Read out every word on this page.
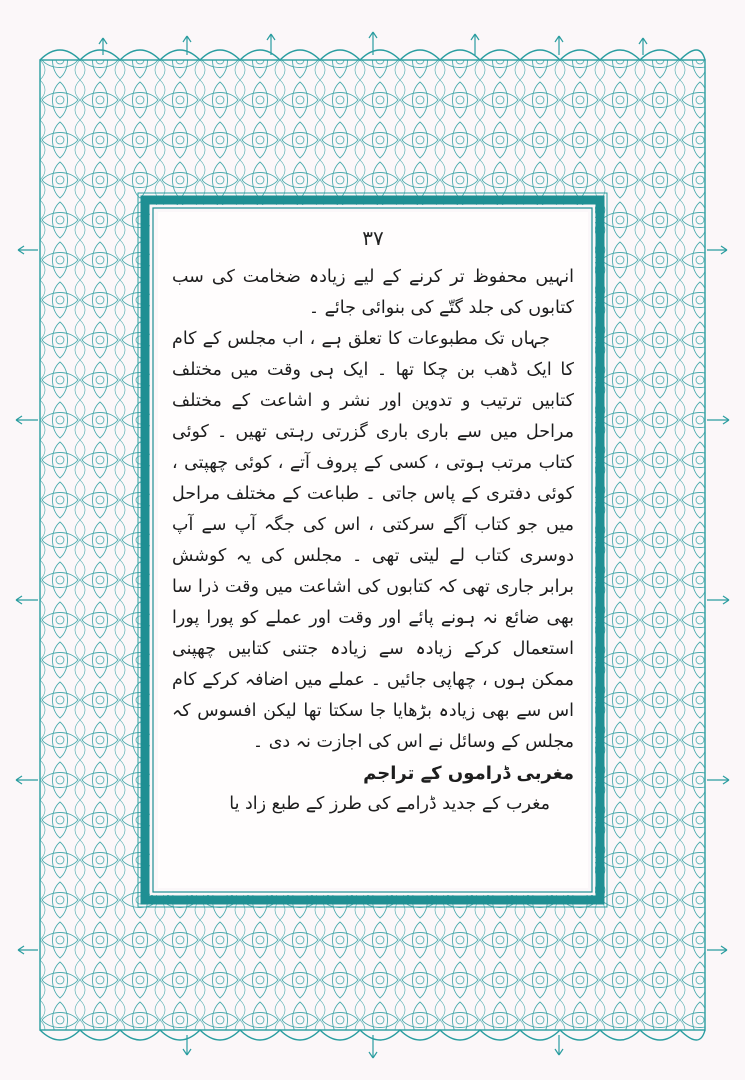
٣٧

انہیں محفوظ تر کرنے کے لیے زیادہ ضخامت کی سب کتابوں کی جلد گتّے کی بنوائی جائے ۔

جہاں تک مطبوعات کا تعلق ہے ، اب مجلس کے کام کا ایک ڈھب بن چکا تھا ۔ ایک ہی وقت میں مختلف کتابیں ترتیب و تدوین اور نشر و اشاعت کے مختلف مراحل میں سے باری باری گزرتی رہتی تھیں ۔ کوئی کتاب مرتب ہوتی ، کسی کے پروف آتے ، کوئی چھپتی ، کوئی دفتری کے پاس جاتی ۔ طباعت کے مختلف مراحل میں جو کتاب آگے سرکتی ، اس کی جگہ آپ سے آپ دوسری کتاب لے لیتی تھی ۔ مجلس کی یہ کوشش برابر جاری تھی کہ کتابوں کی اشاعت میں وقت ذرا سا بھی ضائع نہ ہونے پائے اور وقت اور عملے کو پورا پورا استعمال کرکے زیادہ سے زیادہ جتنی کتابیں چھپنی ممکن ہوں ، چھاپی جائیں ۔ عملے میں اضافہ کرکے کام اس سے بھی زیادہ بڑھایا جا سکتا تھا لیکن افسوس کہ مجلس کے وسائل نے اس کی اجازت نہ دی ۔

مغربی ڈراموں کے تراجم

مغرب کے جدید ڈرامے کی طرز کے طبع زاد یا
